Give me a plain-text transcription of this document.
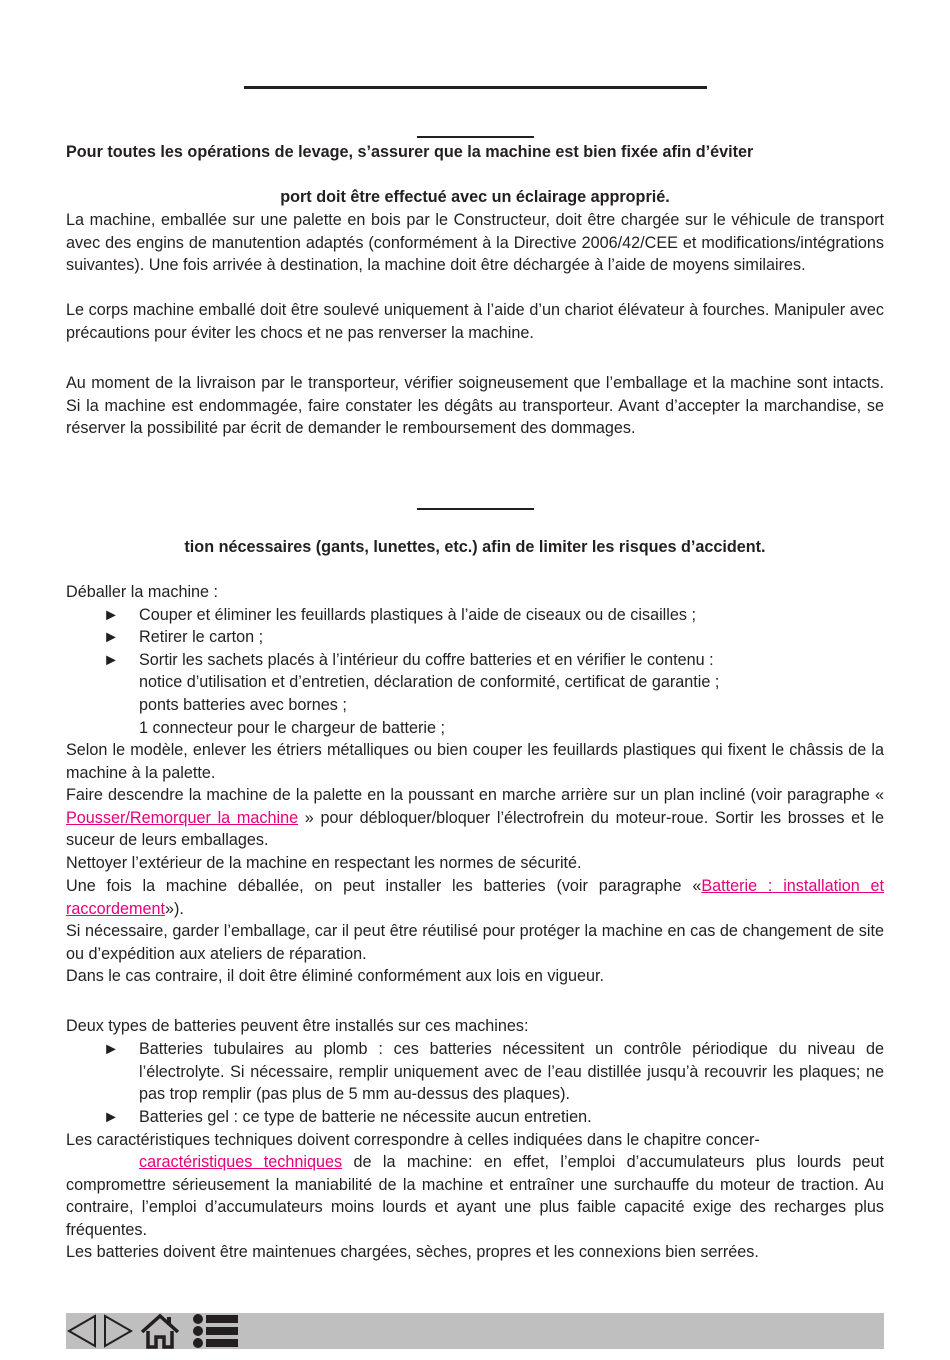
Pour toutes les opérations de levage, s’assurer que la machine est bien fixée afin d’éviter

port doit être effectué avec un éclairage approprié.

La machine, emballée sur une palette en bois par le Constructeur, doit être chargée sur le véhicule de transport avec des engins de manutention adaptés (conformément à la Directive 2006/42/CEE et modifications/intégrations suivantes). Une fois arrivée à destination, la machine doit être déchargée à l’aide de moyens similaires.

Le corps machine emballé doit être soulevé uniquement à l’aide d’un chariot élévateur à fourches. Manipuler avec précautions pour éviter les chocs et ne pas renverser la machine.

Au moment de la livraison par le transporteur, vérifier soigneusement que l’emballage et la machine sont intacts. Si la machine est endommagée, faire constater les dégâts au transporteur. Avant d’accepter la marchandise, se réserver la possibilité par écrit de demander le remboursement des dommages.

tion nécessaires (gants, lunettes, etc.) afin de limiter les risques d’accident.

Déballer la machine :

► Couper et éliminer les feuillards plastiques à l’aide de ciseaux ou de cisailles ;

► Retirer le carton ;

► Sortir les sachets placés à l’intérieur du coffre batteries et en vérifier le contenu :

notice d’utilisation et d’entretien, déclaration de conformité, certificat de garantie ;

ponts batteries avec bornes ;

1 connecteur pour le chargeur de batterie ;

Selon le modèle, enlever les étriers métalliques ou bien couper les feuillards plastiques qui fixent le châssis de la machine à la palette.

Faire descendre la machine de la palette en la poussant en marche arrière sur un plan incliné (voir paragraphe « Pousser/Remorquer la machine » pour débloquer/bloquer l’électrofrein du moteur-roue. Sortir les brosses et le suceur de leurs emballages.

Nettoyer l’extérieur de la machine en respectant les normes de sécurité.

Une fois la machine déballée, on peut installer les batteries (voir paragraphe «Batterie : installation et raccordement»).

Si nécessaire, garder l’emballage, car il peut être réutilisé pour protéger la machine en cas de changement de site ou d’expédition aux ateliers de réparation.

Dans le cas contraire, il doit être éliminé conformément aux lois en vigueur.

Deux types de batteries peuvent être installés sur ces machines:

► Batteries tubulaires au plomb : ces batteries nécessitent un contrôle périodique du niveau de l’électrolyte. Si nécessaire, remplir uniquement avec de l’eau distillée jusqu’à recouvrir les plaques; ne pas trop remplir (pas plus de 5 mm au-dessus des plaques).

► Batteries gel : ce type de batterie ne nécessite aucun entretien.

Les caractéristiques techniques doivent correspondre à celles indiquées dans le chapitre concer-

caractéristiques techniques de la machine: en effet, l’emploi d’accumulateurs plus lourds peut compromettre sérieusement la maniabilité de la machine et entraîner une surchauffe du moteur de traction. Au contraire, l’emploi d’accumulateurs moins lourds et ayant une plus faible capacité exige des recharges plus fréquentes.

Les batteries doivent être maintenues chargées, sèches, propres et les connexions bien serrées.
